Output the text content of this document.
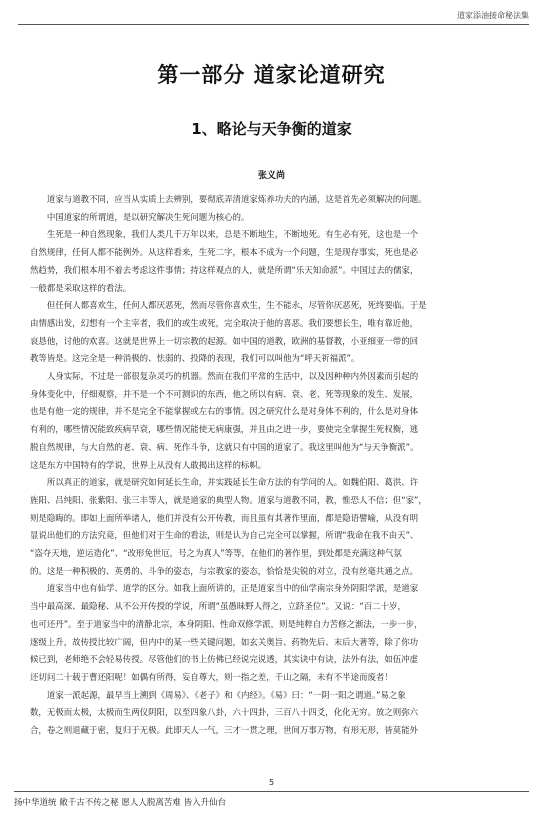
道家添油接命秘法集
第一部分 道家论道研究
1、略论与天争衡的道家
张义尚
道家与道教不同，应当从实质上去辨别，要彻底弄清道家炼养功夫的内涵，这是首先必须解决的问题。
中国道家的所谓道，是以研究解决生死问题为核心的。
生死是一种自然现象，我们人类几千万年以来，总是不断地生，不断地死。有生必有死，这也是一个
自然规律，任何人都不能例外。从这样看来，生死二字，根本不成为一个问题，生是现存事实，死也是必
然趋势，我们根本用不着去考虑这件事情；持这样观点的人，就是所谓“乐天知命派”。中国过去的儒家，
一般都是采取这样的看法。
但任何人都喜欢生，任何人都厌恶死，然而尽管你喜欢生，生不能永，尽管你厌恶死，死终要临。于是
由情感出发，幻想有一个主宰者，我们的或生或死，完全取决于他的喜恶。我们要想长生，唯有靠近他，
哀恳他，讨他的欢喜。这就是世界上一切宗教的起源。如中国的道教，欧洲的基督教，小亚细亚一带的回
教等皆是。这完全是一种消极的、怯弱的、投降的表现，我们可以叫他为“呼天祈福派”。
人身实际，不过是一部很复杂灵巧的机器。然而在我们平常的生活中，以及因种种内外因素而引起的
身体变化中，仔细观察，并不是一个不可测识的东西，他之所以有病、衰、老、死等现象的发生、发展，
也是有他一定的规律，并不是完全不能掌握或左右的事情。因之研究什么是对身体不利的，什么是对身体
有利的，哪些情况能致疾病早衰，哪些情况能使无病康强，并且由之进一步，要使完全掌握生死权衡，逃
脱自然规律，与大自然的老、衰、病、死作斗争，这就只有中国的道家了。我这里叫他为“与天争衡派”。
这是东方中国特有的学说，世界上从没有人敢揭出这样的标帜。
所以真正的道家，就是研究如何延长生命，并实践延长生命方法的有学问的人。如魏伯阳、葛洪、许
旌阳、吕纯阳、张紫阳、张三丰等人，就是道家的典型人物。道家与道教不同，教，惟恐人不信；但“家”，
则是隐晦的。即如上面所举诸人，他们并没有公开传教，而且虽有其著作里面，都是隐语譬喻，从没有明
显说出他们的方法究竟，但他们对于生命的看法，则是认为自己完全可以掌握，所谓“我命在我不由天”、
“盗夺天地，逆运造化”、“改形免世厄，号之为真人”等等，在他们的著作里，到处都是充满这种气氛
的。这是一种积极的、英勇的、斗争的姿态，与宗教家的姿态，恰恰是尖锐的对立，没有丝毫共通之点。
道家当中也有仙学、道学的区分。如我上面所讲的，正是道家当中的仙学南宗身外阴阳学派，是道家
当中最高深、最隐秘、从不公开传授的学说，所谓“虽愚昧野人得之，立跻圣位”。又说：“百二十岁，
也可还丹”。至于道家当中的清静北宗，本身阴阳、性命双修学派，则是纯粹自力苦修之渐法，一步一步，
逐级上升，故传授比较广阔，但内中的某一些关键问题，如玄关奥旨、药物先后、末后大著等，除了你功
候已到，老师绝不会轻易传授。尽管他们的书上仿佛已经说完说透，其实诀中有诀，法外有法，如伍冲虚
还切问二十载于曹还阳呢！如偶有所得，妄自尊大，则一指之差，千山之隔，未有不半途而废者！
道家一派起源，最早当上溯到《周易》、《老子》和《内经》。《易》曰：“一阴一阳之谓道。”易之象
数，无极而太极，太极而生两仪阴阳，以至四象八卦，六十四卦，三百八十四爻，化化无穷。放之则弥六
合，卷之则退藏于密，复归于无极。此即天人一气，三才一贯之理，世间万事万物，有形无形，皆莫能外
5
扬中华道统 敞千古不传之秘 愿人人脱离苦难 皆入升仙台
